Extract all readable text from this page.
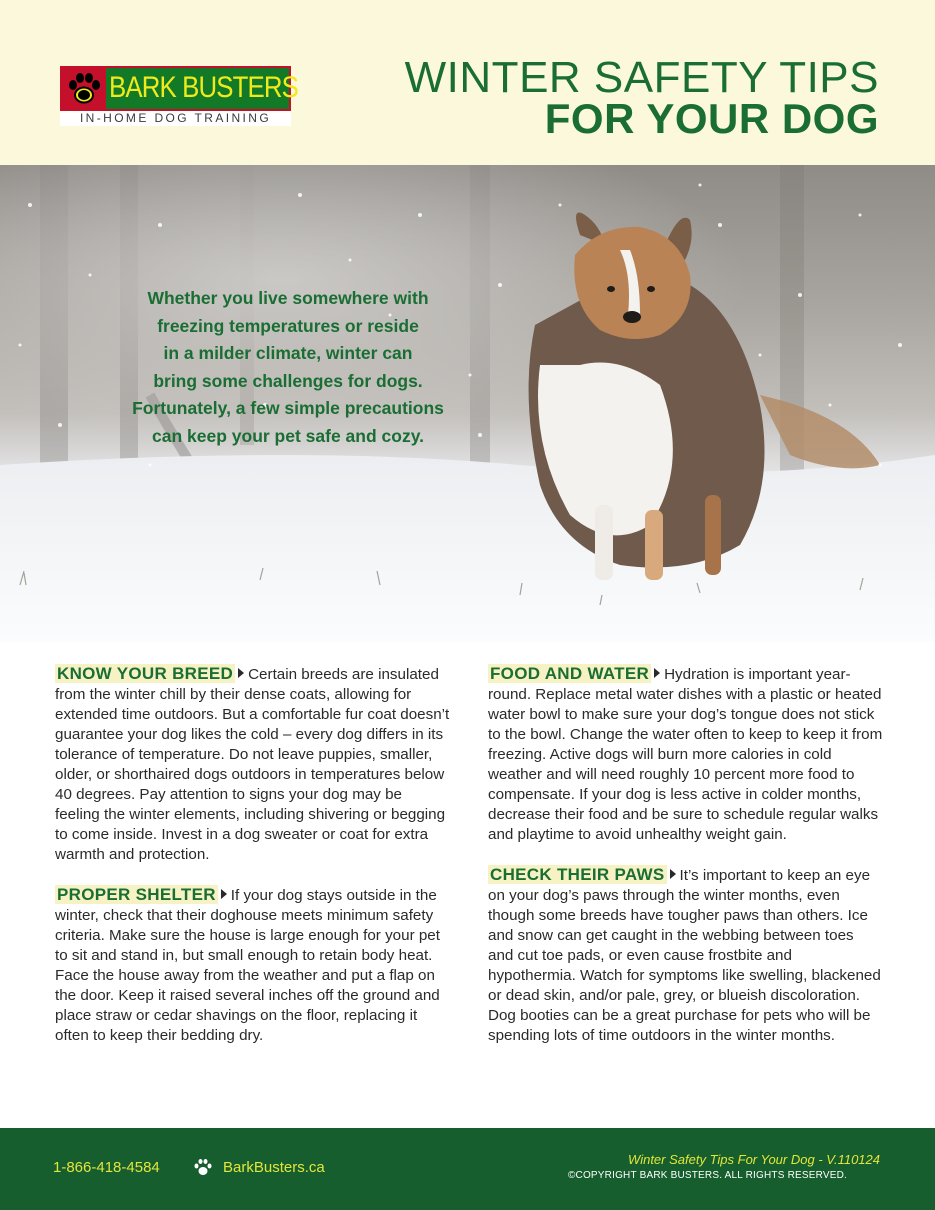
BARK BUSTERS
IN-HOME DOG TRAINING
WINTER SAFETY TIPS
FOR YOUR DOG
Whether you live somewhere with
freezing temperatures or reside
in a milder climate, winter can
bring some challenges for dogs.
Fortunately, a few simple precautions
can keep your pet safe and cozy.
KNOW YOUR BREED Certain breeds are insulated from the winter chill by their dense coats, allowing for extended time outdoors. But a comfortable fur coat doesn’t guarantee your dog likes the cold – every dog differs in its tolerance of temperature. Do not leave puppies, smaller, older, or shorthaired dogs outdoors in temperatures below 40 degrees. Pay attention to signs your dog may be feeling the winter elements, including shivering or begging to come inside. Invest in a dog sweater or coat for extra warmth and protection.
PROPER SHELTER If your dog stays outside in the winter, check that their doghouse meets minimum safety criteria. Make sure the house is large enough for your pet to sit and stand in, but small enough to retain body heat. Face the house away from the weather and put a flap on the door. Keep it raised several inches off the ground and place straw or cedar shavings on the floor, replacing it often to keep their bedding dry.
FOOD AND WATER Hydration is important year-round. Replace metal water dishes with a plastic or heated water bowl to make sure your dog’s tongue does not stick to the bowl. Change the water often to keep to keep it from freezing. Active dogs will burn more calories in cold weather and will need roughly 10 percent more food to compensate. If your dog is less active in colder months, decrease their food and be sure to schedule regular walks and playtime to avoid unhealthy weight gain.
CHECK THEIR PAWS It’s important to keep an eye on your dog’s paws through the winter months, even though some breeds have tougher paws than others. Ice and snow can get caught in the webbing between toes and cut toe pads, or even cause frostbite and hypothermia. Watch for symptoms like swelling, blackened or dead skin, and/or pale, grey, or blueish discoloration. Dog booties can be a great purchase for pets who will be spending lots of time outdoors in the winter months.
1-866-418-4584	BarkBusters.ca	Winter Safety Tips For Your Dog - V.110124
©COPYRIGHT BARK BUSTERS. ALL RIGHTS RESERVED.
